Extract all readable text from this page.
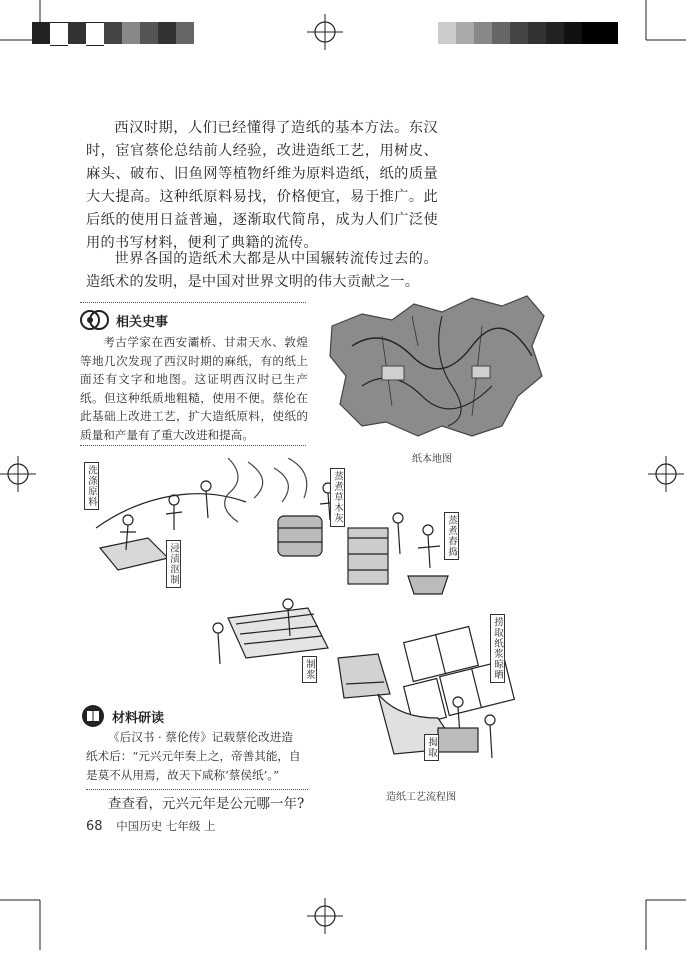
西汉时期，人们已经懂得了造纸的基本方法。东汉时，宦官蔡伦总结前人经验，改进造纸工艺，用树皮、麻头、破布、旧鱼网等植物纤维为原料造纸，纸的质量大大提高。这种纸原料易找，价格便宜，易于推广。此后纸的使用日益普遍，逐渐取代简帛，成为人们广泛使用的书写材料，便利了典籍的流传。
世界各国的造纸术大都是从中国辗转流传过去的。造纸术的发明，是中国对世界文明的伟大贡献之一。
相关史事
考古学家在西安灞桥、甘肃天水、敦煌等地几次发现了西汉时期的麻纸，有的纸上面还有文字和地图。这证明西汉时已生产纸。但这种纸质地粗糙，使用不便。蔡伦在此基础上改进工艺，扩大造纸原料，使纸的质量和产量有了重大改进和提高。
纸本地图
洗涤原料
浸渍沤制
蒸煮草木灰
蒸煮舂捣
捞取纸浆晾晒
制浆
揭取
材料研读
《后汉书 · 蔡伦传》记载蔡伦改进造
纸术后：“元兴元年奏上之，帝善其能，自
是莫不从用焉，故天下咸称‘蔡侯纸’。”
查查看，元兴元年是公元哪一年?	造纸工艺流程图
68 中国历史 七年级 上
